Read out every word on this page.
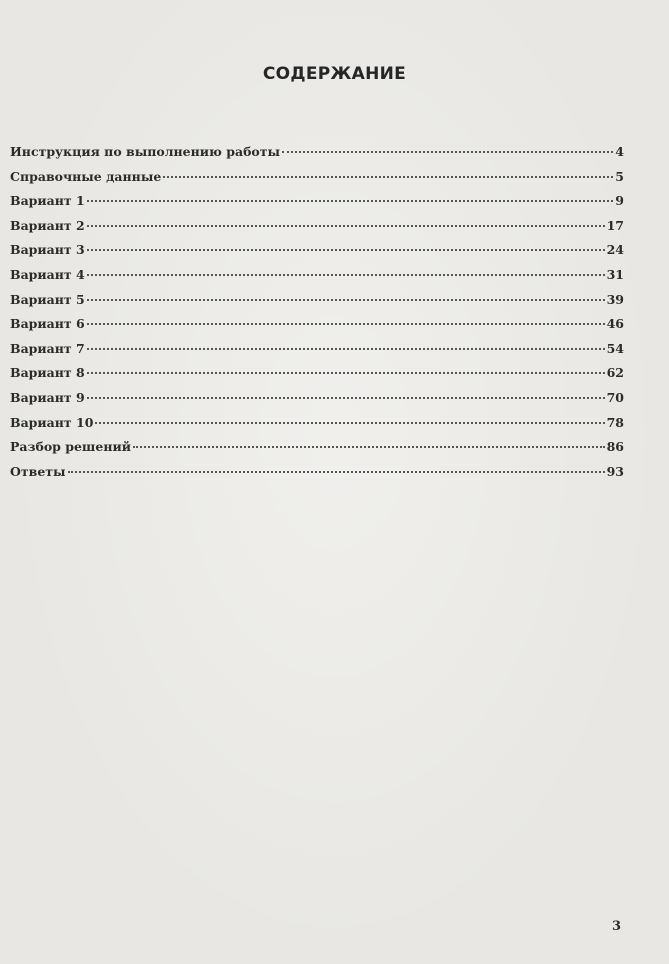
СОДЕРЖАНИЕ
Инструкция по выполнению работы	4
Справочные данные	5
Вариант 1	9
Вариант 2	17
Вариант 3	24
Вариант 4	31
Вариант 5	39
Вариант 6	46
Вариант 7	54
Вариант 8	62
Вариант 9	70
Вариант 10	78
Разбор решений	86
Ответы	93
3
